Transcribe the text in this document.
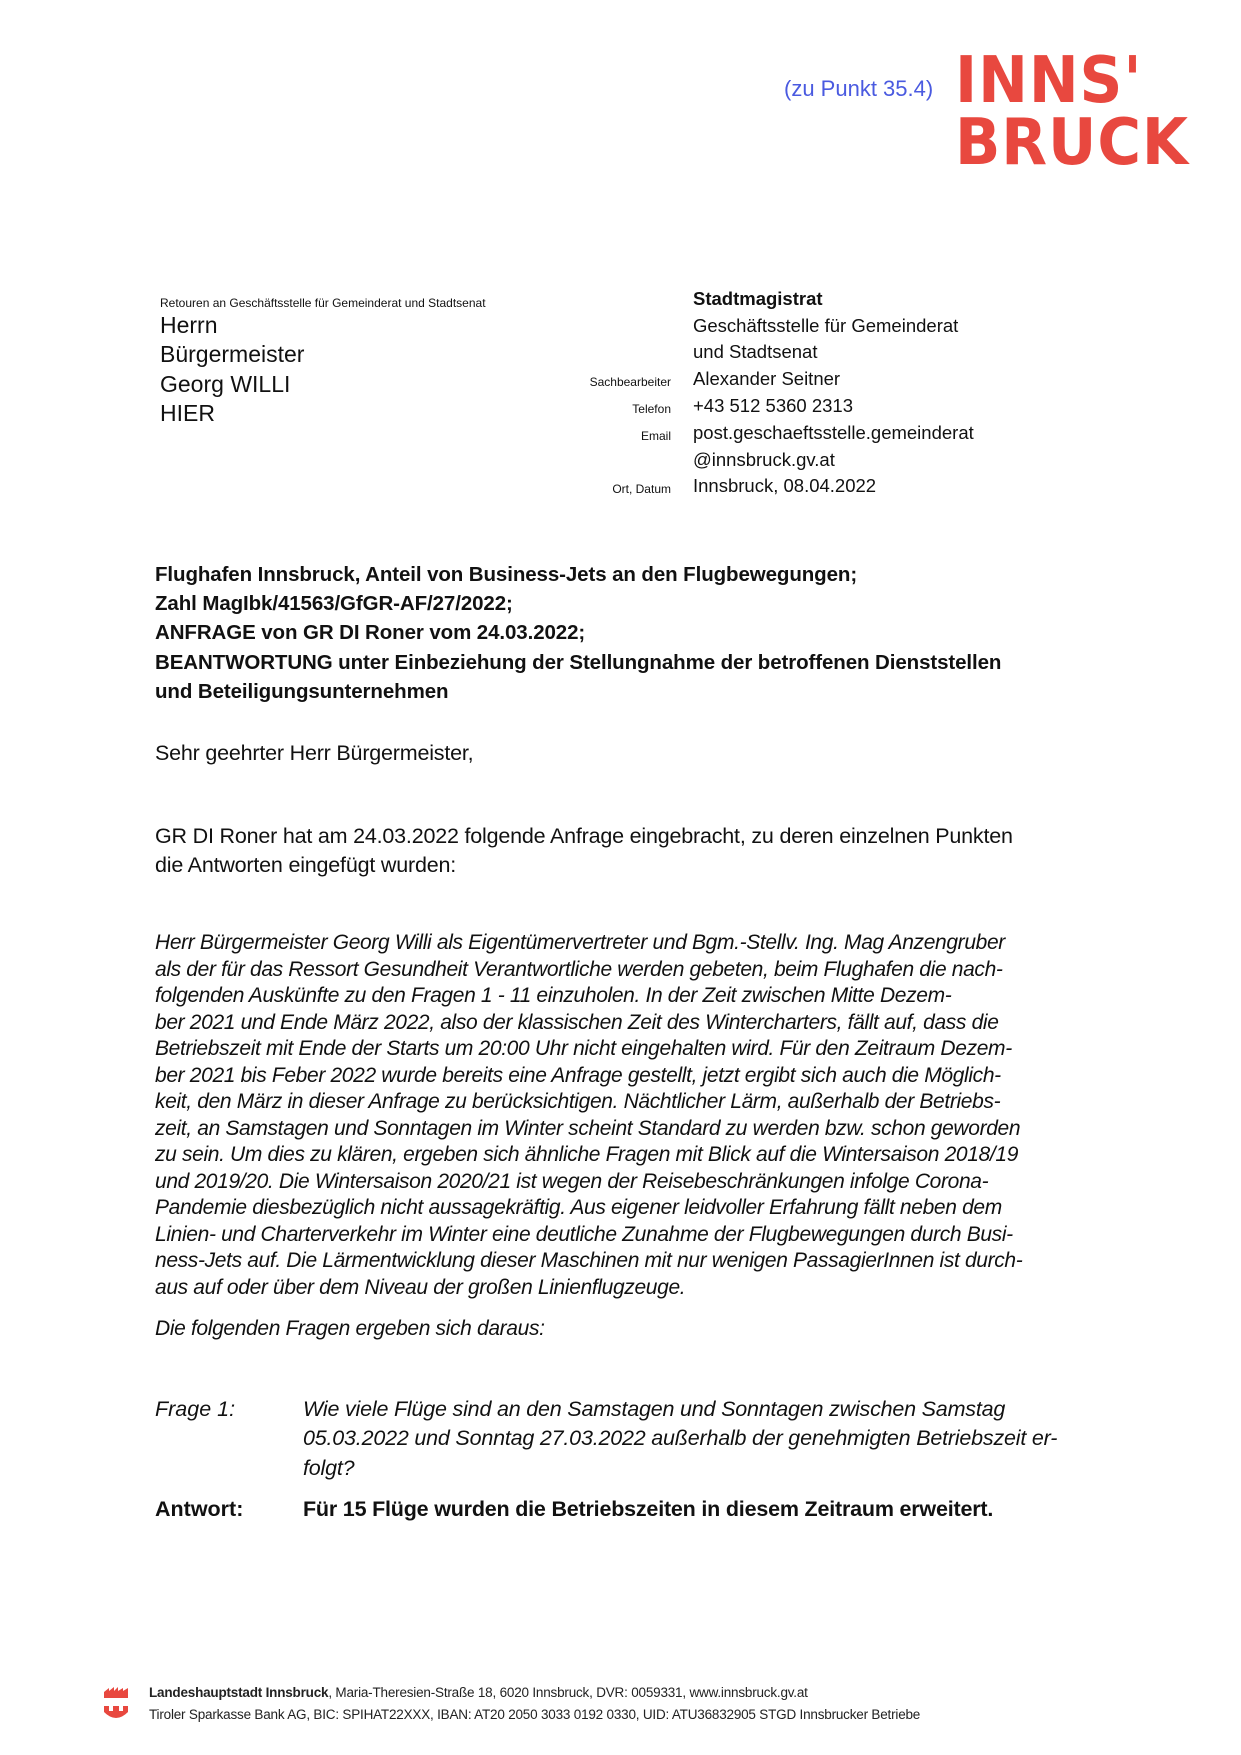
(zu Punkt 35.4) INNS'
BRUCK
Retouren an Geschäftsstelle für Gemeinderat und Stadtsenat
Herrn
Bürgermeister
Georg WILLI
HIER
Stadtmagistrat
Geschäftsstelle für Gemeinderat
und Stadtsenat
Sachbearbeiter Alexander Seitner
Telefon +43 512 5360 2313
Email post.geschaeftsstelle.gemeinderat
@innsbruck.gv.at
Ort, Datum Innsbruck, 08.04.2022
Flughafen Innsbruck, Anteil von Business-Jets an den Flugbewegungen;
Zahl MagIbk/41563/GfGR-AF/27/2022;
ANFRAGE von GR DI Roner vom 24.03.2022;
BEANTWORTUNG unter Einbeziehung der Stellungnahme der betroffenen Dienststellen
und Beteiligungsunternehmen
Sehr geehrter Herr Bürgermeister,
GR DI Roner hat am 24.03.2022 folgende Anfrage eingebracht, zu deren einzelnen Punkten
die Antworten eingefügt wurden:
Herr Bürgermeister Georg Willi als Eigentümervertreter und Bgm.-Stellv. Ing. Mag Anzengruber
als der für das Ressort Gesundheit Verantwortliche werden gebeten, beim Flughafen die nach-
folgenden Auskünfte zu den Fragen 1 - 11 einzuholen. In der Zeit zwischen Mitte Dezem-
ber 2021 und Ende März 2022, also der klassischen Zeit des Wintercharters, fällt auf, dass die
Betriebszeit mit Ende der Starts um 20:00 Uhr nicht eingehalten wird. Für den Zeitraum Dezem-
ber 2021 bis Feber 2022 wurde bereits eine Anfrage gestellt, jetzt ergibt sich auch die Möglich-
keit, den März in dieser Anfrage zu berücksichtigen. Nächtlicher Lärm, außerhalb der Betriebs-
zeit, an Samstagen und Sonntagen im Winter scheint Standard zu werden bzw. schon geworden
zu sein. Um dies zu klären, ergeben sich ähnliche Fragen mit Blick auf die Wintersaison 2018/19
und 2019/20. Die Wintersaison 2020/21 ist wegen der Reisebeschränkungen infolge Corona-
Pandemie diesbezüglich nicht aussagekräftig. Aus eigener leidvoller Erfahrung fällt neben dem
Linien- und Charterverkehr im Winter eine deutliche Zunahme der Flugbewegungen durch Busi-
ness-Jets auf. Die Lärmentwicklung dieser Maschinen mit nur wenigen PassagierInnen ist durch-
aus auf oder über dem Niveau der großen Linienflugzeuge.
Die folgenden Fragen ergeben sich daraus:
Frage 1:	Wie viele Flüge sind an den Samstagen und Sonntagen zwischen Samstag
05.03.2022 und Sonntag 27.03.2022 außerhalb der genehmigten Betriebszeit er-
folgt?
Antwort:	Für 15 Flüge wurden die Betriebszeiten in diesem Zeitraum erweitert.
Landeshauptstadt Innsbruck, Maria-Theresien-Straße 18, 6020 Innsbruck, DVR: 0059331, www.innsbruck.gv.at
Tiroler Sparkasse Bank AG, BIC: SPIHAT22XXX, IBAN: AT20 2050 3033 0192 0330, UID: ATU36832905 STGD Innsbrucker Betriebe
